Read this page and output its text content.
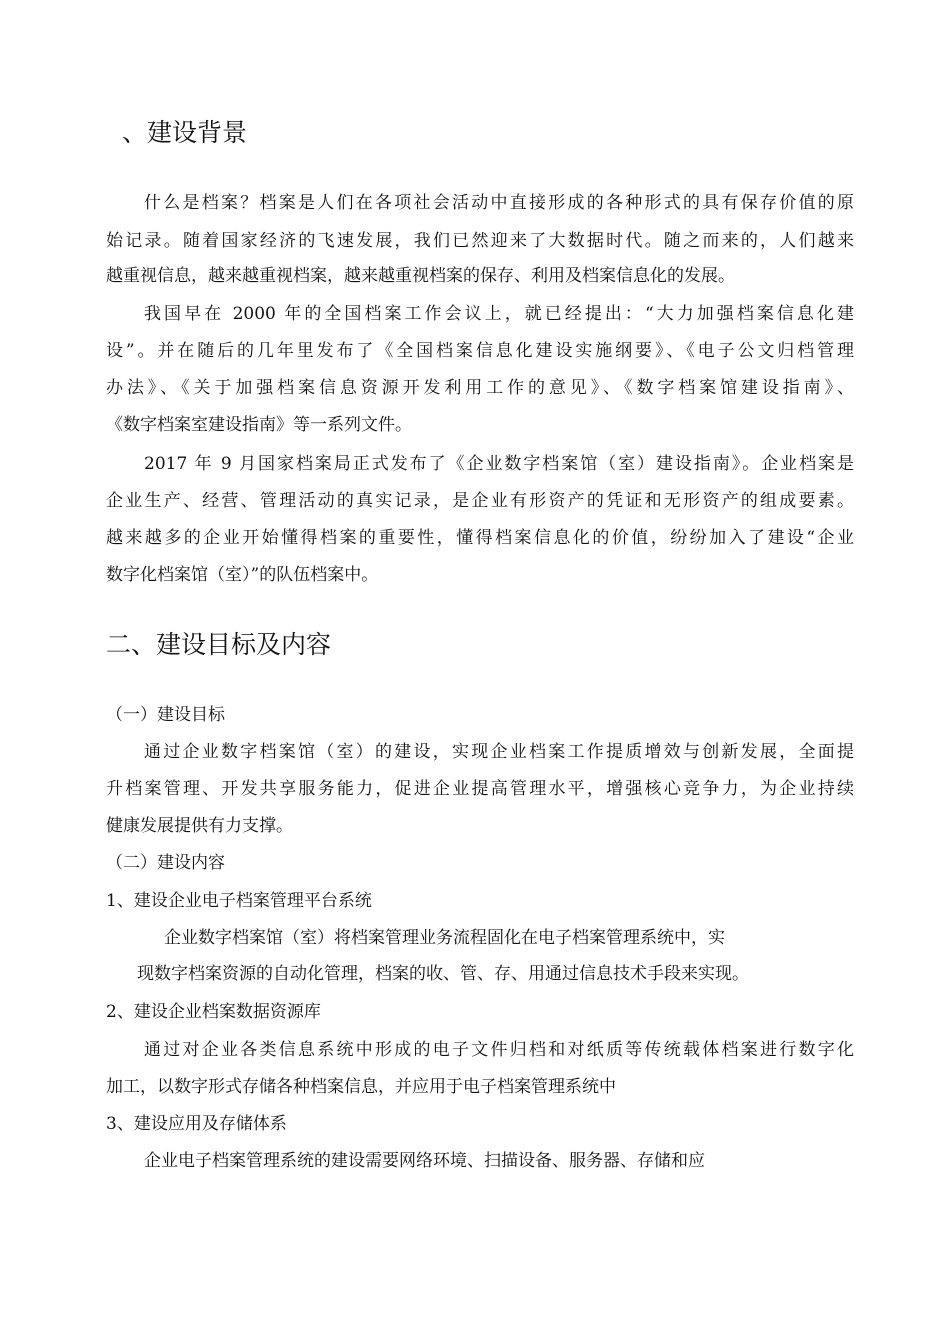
、建设背景
什么是档案？档案是人们在各项社会活动中直接形成的各种形式的具有保存价值的原
始记录。随着国家经济的飞速发展，我们已然迎来了大数据时代。随之而来的，人们越来
越重视信息，越来越重视档案，越来越重视档案的保存、利用及档案信息化的发展。
我国早在 2000 年的全国档案工作会议上，就已经提出：“大力加强档案信息化建
设”。并在随后的几年里发布了《全国档案信息化建设实施纲要》、《电子公文归档管理
办法》、《关于加强档案信息资源开发利用工作的意见》、《数字档案馆建设指南》、
《数字档案室建设指南》等一系列文件。
2017 年 9 月国家档案局正式发布了《企业数字档案馆（室）建设指南》。企业档案是
企业生产、经营、管理活动的真实记录，是企业有形资产的凭证和无形资产的组成要素。
越来越多的企业开始懂得档案的重要性，懂得档案信息化的价值，纷纷加入了建设“企业
数字化档案馆（室）”的队伍档案中。
二、建设目标及内容
（一）建设目标
通过企业数字档案馆（室）的建设，实现企业档案工作提质增效与创新发展，全面提
升档案管理、开发共享服务能力，促进企业提高管理水平，增强核心竞争力，为企业持续
健康发展提供有力支撑。
（二）建设内容
1、建设企业电子档案管理平台系统
企业数字档案馆（室）将档案管理业务流程固化在电子档案管理系统中，实
现数字档案资源的自动化管理，档案的收、管、存、用通过信息技术手段来实现。
2、建设企业档案数据资源库
通过对企业各类信息系统中形成的电子文件归档和对纸质等传统载体档案进行数字化
加工，以数字形式存储各种档案信息，并应用于电子档案管理系统中
3、建设应用及存储体系
企业电子档案管理系统的建设需要网络环境、扫描设备、服务器、存储和应
